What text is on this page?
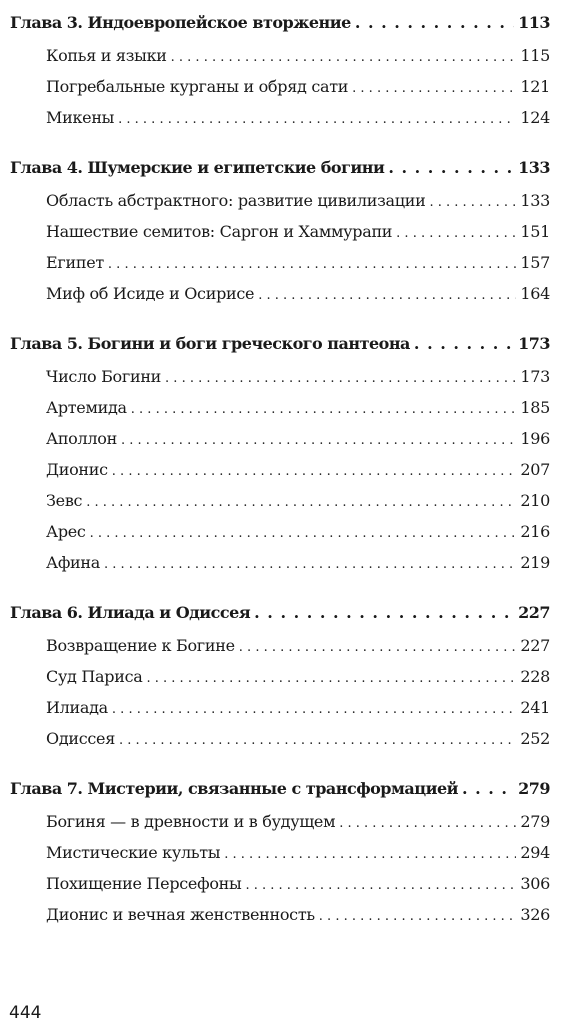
Глава 3. Индоевропейское вторжение . . .	113
Копья и языки . . .	115
Погребальные курганы и обряд сати . . .	121
Микены . . .	124
Глава 4. Шумерские и египетские богини . . .	133
Область абстрактного: развитие цивилизации . . .	133
Нашествие семитов: Саргон и Хаммурапи . . .	151
Египет . . .	157
Миф об Исиде и Осирисе . . .	164
Глава 5. Богини и боги греческого пантеона . . .	173
Число Богини . . .	173
Артемида . . .	185
Аполлон . . .	196
Дионис . . .	207
Зевс . . .	210
Арес . . .	216
Афина . . .	219
Глава 6. Илиада и Одиссея . . .	227
Возвращение к Богине . . .	227
Суд Париса . . .	228
Илиада . . .	241
Одиссея . . .	252
Глава 7. Мистерии, связанные с трансформацией . . .	279
Богиня — в древности и в будущем . . .	279
Мистические культы . . .	294
Похищение Персефоны . . .	306
Дионис и вечная женственность . . .	326
444
